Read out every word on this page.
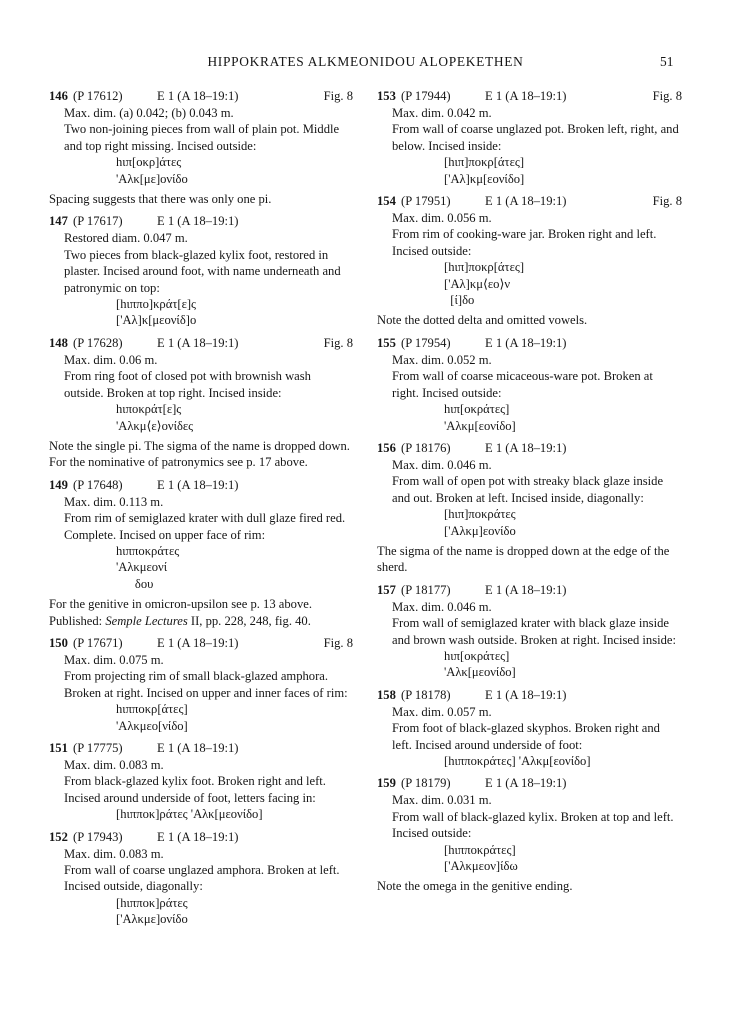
HIPPOKRATES ALKMEONIDOU ALOPEKETHEN	51
146 (P 17612)	E 1 (A 18–19:1)	Fig. 8

Max. dim. (a) 0.042; (b) 0.043 m.
Two non-joining pieces from wall of plain pot. Middle and top right missing. Incised outside:

hιπ[οκρ]άτες
'Αλκ[με]ονίδο

Spacing suggests that there was only one pi.

147 (P 17617)	E 1 (A 18–19:1)

Restored diam. 0.047 m.
Two pieces from black-glazed kylix foot, restored in plaster. Incised around foot, with name underneath and patronymic on top:

[hιππο]κράτ[ε]ς
['Αλ]κ[μεονίδ]ο
148 (P 17628)	E 1 (A 18–19:1)	Fig. 8

Max. dim. 0.06 m.
From ring foot of closed pot with brownish wash outside. Broken at top right. Incised inside:

hιποκράτ[ε]ς
'Αλκμ⟨ε⟩ονίδες

Note the single pi. The sigma of the name is dropped down. For the nominative of patronymics see p. 17 above.

149 (P 17648)	E 1 (A 18–19:1)

Max. dim. 0.113 m.
From rim of semiglazed krater with dull glaze fired red. Complete. Incised on upper face of rim:

hιπποκράτες
'Αλκμεονί
δου

For the genitive in omicron-upsilon see p. 13 above.

Published: Semple Lectures II, pp. 228, 248, fig. 40.

150 (P 17671)	E 1 (A 18–19:1)	Fig. 8

Max. dim. 0.075 m.
From projecting rim of small black-glazed amphora. Broken at right. Incised on upper and inner faces of rim:

hιπποκρ[άτες]
'Αλκμεο[νίδο]
151 (P 17775)	E 1 (A 18–19:1)

Max. dim. 0.083 m.
From black-glazed kylix foot. Broken right and left. Incised around underside of foot, letters facing in:

[hιπποκ]ράτες 'Αλκ[μεονίδο]
152 (P 17943)	E 1 (A 18–19:1)

Max. dim. 0.083 m.
From wall of coarse unglazed amphora. Broken at left. Incised outside, diagonally:

[hιπποκ]ράτες
['Αλκμε]ονίδο
153 (P 17944)	E 1 (A 18–19:1)	Fig. 8

Max. dim. 0.042 m.
From wall of coarse unglazed pot. Broken left, right, and below. Incised inside:

[hιπ]ποκρ[άτες]
['Αλ]κμ[εονίδο]
154 (P 17951)	E 1 (A 18–19:1)	Fig. 8

Max. dim. 0.056 m.
From rim of cooking-ware jar. Broken right and left. Incised outside:

[hιπ]ποκρ[άτες]
['Αλ]κμ⟨εο⟩ν
[ί]δο

Note the dotted delta and omitted vowels.

155 (P 17954)	E 1 (A 18–19:1)

Max. dim. 0.052 m.
From wall of coarse micaceous-ware pot. Broken at right. Incised outside:

hιπ[οκράτες]
'Αλκμ[εονίδο]
156 (P 18176)	E 1 (A 18–19:1)

Max. dim. 0.046 m.
From wall of open pot with streaky black glaze inside and out. Broken at left. Incised inside, diagonally:

[hιπ]ποκράτες
['Αλκμ]εονίδο

The sigma of the name is dropped down at the edge of the sherd.

157 (P 18177)	E 1 (A 18–19:1)

Max. dim. 0.046 m.
From wall of semiglazed krater with black glaze inside and brown wash outside. Broken at right. Incised inside:

hιπ[οκράτες]
'Αλκ[μεονίδο]
158 (P 18178)	E 1 (A 18–19:1)

Max. dim. 0.057 m.
From foot of black-glazed skyphos. Broken right and left. Incised around underside of foot:

[hιπποκράτες] 'Αλκμ[εονίδο]
159 (P 18179)	E 1 (A 18–19:1)

Max. dim. 0.031 m.
From wall of black-glazed kylix. Broken at top and left. Incised outside:

[hιπποκράτες]
['Αλκμεον]ίδω

Note the omega in the genitive ending.
